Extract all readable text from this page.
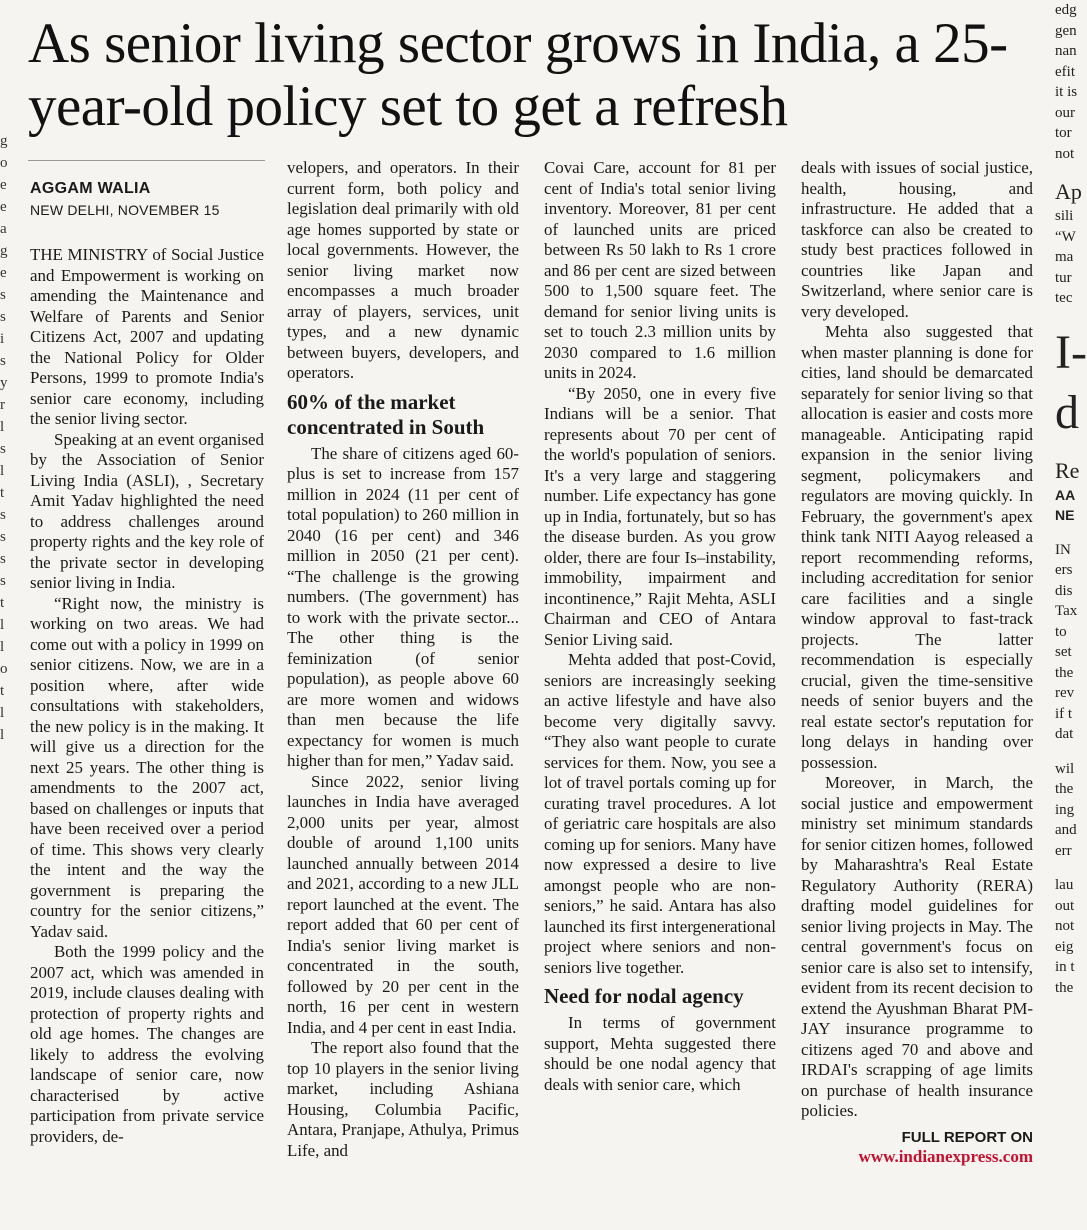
g
o
e
e
a
g
e
s
s
i
s
y
r
l
s
l
t
s
s
s
s
t
l
l
o
t
l
l
As senior living sector grows in India, a 25-year-old policy set to get a refresh
AGGAM WALIA
NEW DELHI, NOVEMBER 15

THE MINISTRY of Social Justice and Empowerment is working on amending the Maintenance and Welfare of Parents and Senior Citizens Act, 2007 and updating the National Policy for Older Persons, 1999 to promote India's senior care economy, including the senior living sector.

Speaking at an event organised by the Association of Senior Living India (ASLI), , Secretary Amit Yadav highlighted the need to address challenges around property rights and the key role of the private sector in developing senior living in India.

“Right now, the ministry is working on two areas. We had come out with a policy in 1999 on senior citizens. Now, we are in a position where, after wide consultations with stakeholders, the new policy is in the making. It will give us a direction for the next 25 years. The other thing is amendments to the 2007 act, based on challenges or inputs that have been received over a period of time. This shows very clearly the intent and the way the government is preparing the country for the senior citizens,” Yadav said.

Both the 1999 policy and the 2007 act, which was amended in 2019, include clauses dealing with protection of property rights and old age homes. The changes are likely to address the evolving landscape of senior care, now characterised by active participation from private service providers, de-

velopers, and operators. In their current form, both policy and legislation deal primarily with old age homes supported by state or local governments. However, the senior living market now encompasses a much broader array of players, services, unit types, and a new dynamic between buyers, developers, and operators.

60% of the market concentrated in South

The share of citizens aged 60-plus is set to increase from 157 million in 2024 (11 per cent of total population) to 260 million in 2040 (16 per cent) and 346 million in 2050 (21 per cent). “The challenge is the growing numbers. (The government) has to work with the private sector... The other thing is the feminization (of senior population), as people above 60 are more women and widows than men because the life expectancy for women is much higher than for men,” Yadav said.

Since 2022, senior living launches in India have averaged 2,000 units per year, almost double of around 1,100 units launched annually between 2014 and 2021, according to a new JLL report launched at the event. The report added that 60 per cent of India's senior living market is concentrated in the south, followed by 20 per cent in the north, 16 per cent in western India, and 4 per cent in east India.

The report also found that the top 10 players in the senior living market, including Ashiana Housing, Columbia Pacific, Antara, Pranjape, Athulya, Primus Life, and

Covai Care, account for 81 per cent of India's total senior living inventory. Moreover, 81 per cent of launched units are priced between Rs 50 lakh to Rs 1 crore and 86 per cent are sized between 500 to 1,500 square feet. The demand for senior living units is set to touch 2.3 million units by 2030 compared to 1.6 million units in 2024.

“By 2050, one in every five Indians will be a senior. That represents about 70 per cent of the world's population of seniors. It's a very large and staggering number. Life expectancy has gone up in India, fortunately, but so has the disease burden. As you grow older, there are four Is–instability, immobility, impairment and incontinence,” Rajit Mehta, ASLI Chairman and CEO of Antara Senior Living said.

Mehta added that post-Covid, seniors are increasingly seeking an active lifestyle and have also become very digitally savvy. “They also want people to curate services for them. Now, you see a lot of travel portals coming up for curating travel procedures. A lot of geriatric care hospitals are also coming up for seniors. Many have now expressed a desire to live amongst people who are non-seniors,” he said. Antara has also launched its first intergenerational project where seniors and non-seniors live together.

Need for nodal agency

In terms of government support, Mehta suggested there should be one nodal agency that deals with senior care, which

deals with issues of social justice, health, housing, and infrastructure. He added that a taskforce can also be created to study best practices followed in countries like Japan and Switzerland, where senior care is very developed.

Mehta also suggested that when master planning is done for cities, land should be demarcated separately for senior living so that allocation is easier and costs more manageable. Anticipating rapid expansion in the senior living segment, policymakers and regulators are moving quickly. In February, the government's apex think tank NITI Aayog released a report recommending reforms, including accreditation for senior care facilities and a single window approval to fast-track projects. The latter recommendation is especially crucial, given the time-sensitive needs of senior buyers and the real estate sector's reputation for long delays in handing over possession.

Moreover, in March, the social justice and empowerment ministry set minimum standards for senior citizen homes, followed by Maharashtra's Real Estate Regulatory Authority (RERA) drafting model guidelines for senior living projects in May. The central government's focus on senior care is also set to intensify, evident from its recent decision to extend the Ayushman Bharat PM-JAY insurance programme to citizens aged 70 and above and IRDAI's scrapping of age limits on purchase of health insurance policies.

FULL REPORT ON
www.indianexpress.com
edg
gen
nan
efit
it is
our
tor
not
Ap
sili
“W
ma
tur
tec
I-
d
Re
AA
NE
IN
ers
dis
Tax
to
set
the
rev
if t
dat
wil
the
ing
and
err
lau
out
not
eig
in t
the
